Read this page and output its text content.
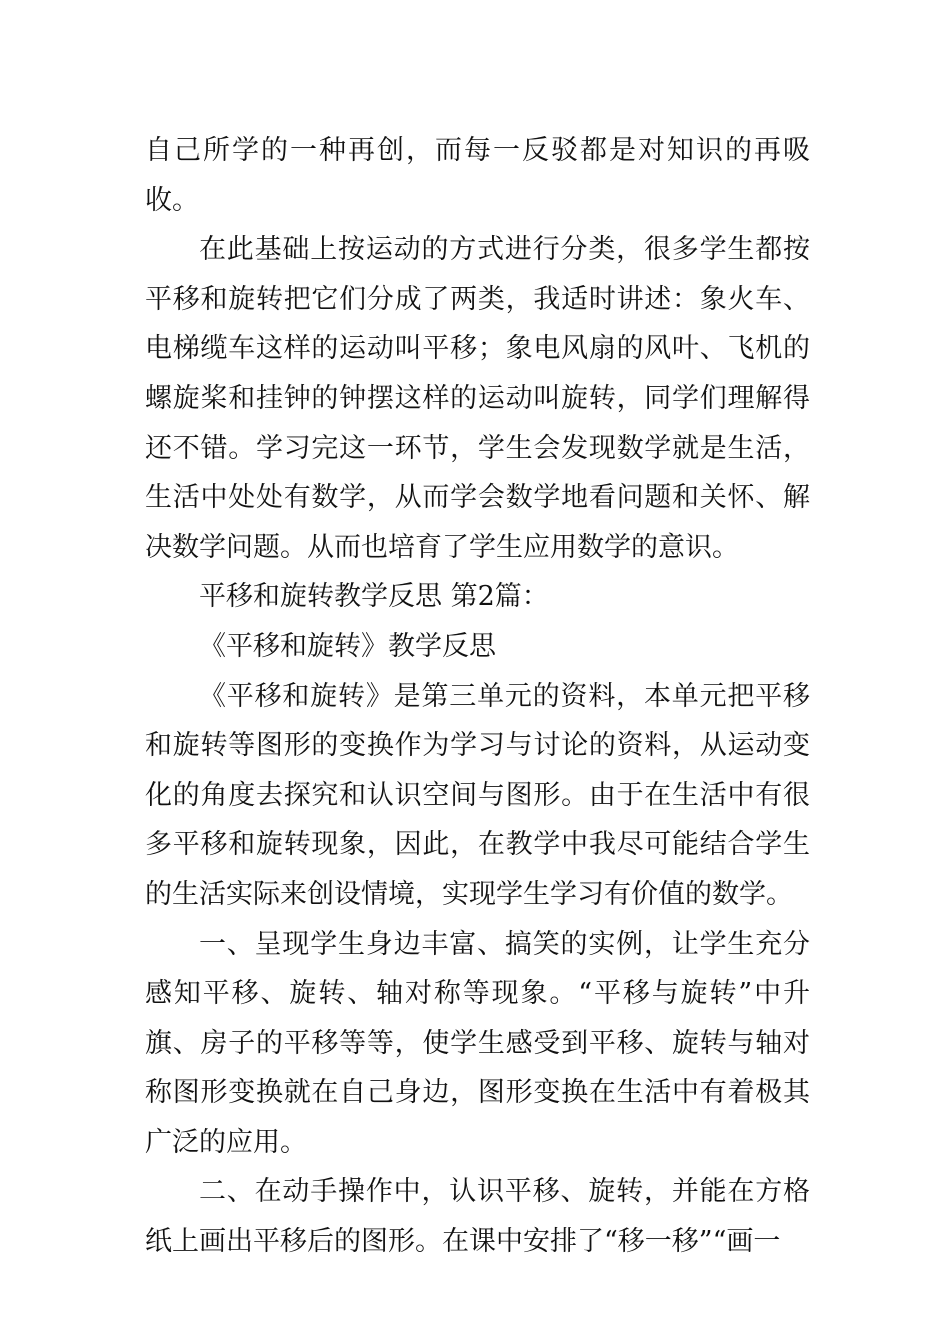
自己所学的一种再创，而每一反驳都是对知识的再吸收。

在此基础上按运动的方式进行分类，很多学生都按平移和旋转把它们分成了两类，我适时讲述：象火车、电梯缆车这样的运动叫平移；象电风扇的风叶、飞机的螺旋桨和挂钟的钟摆这样的运动叫旋转，同学们理解得还不错。学习完这一环节，学生会发现数学就是生活，生活中处处有数学，从而学会数学地看问题和关怀、解决数学问题。从而也培育了学生应用数学的意识。

平移和旋转教学反思 第2篇：

《平移和旋转》教学反思

《平移和旋转》是第三单元的资料，本单元把平移和旋转等图形的变换作为学习与讨论的资料，从运动变化的角度去探究和认识空间与图形。由于在生活中有很多平移和旋转现象，因此，在教学中我尽可能结合学生的生活实际来创设情境，实现学生学习有价值的数学。

一、呈现学生身边丰富、搞笑的实例，让学生充分感知平移、旋转、轴对称等现象。“平移与旋转”中升旗、房子的平移等等，使学生感受到平移、旋转与轴对称图形变换就在自己身边，图形变换在生活中有着极其广泛的应用。

二、在动手操作中，认识平移、旋转，并能在方格纸上画出平移后的图形。在课中安排了“移一移”“画一
